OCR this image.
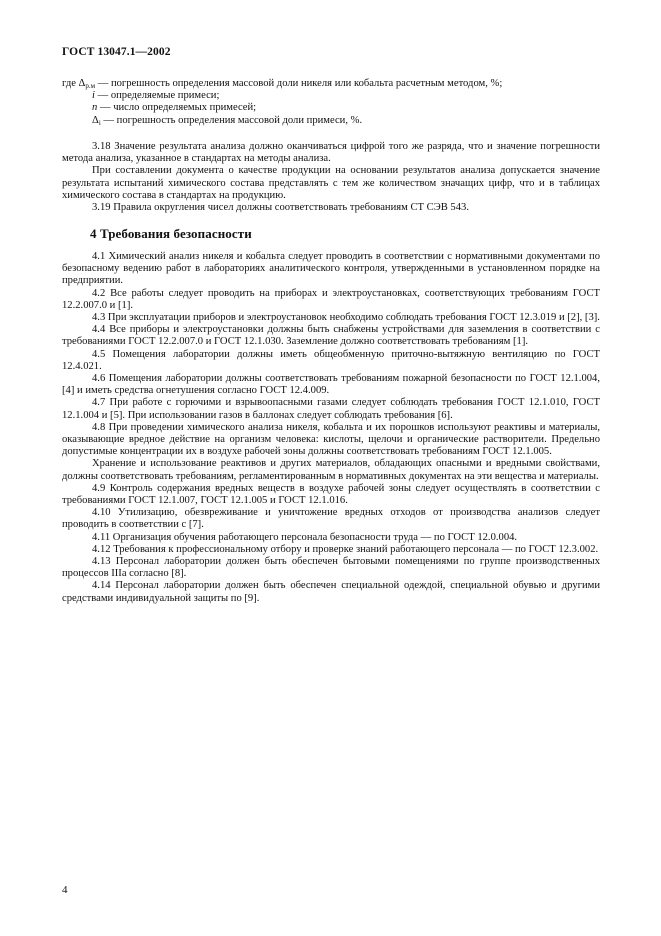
ГОСТ 13047.1—2002

где $\Delta_{р.м}$ — погрешность определения массовой доли никеля или кобальта расчетным методом, %;

i — определяемые примеси;

n — число определяемых примесей;

$\Delta_i$ — погрешность определения массовой доли примеси, %.

3.18 Значение результата анализа должно оканчиваться цифрой того же разряда, что и значение погрешности метода анализа, указанное в стандартах на методы анализа.

При составлении документа о качестве продукции на основании результатов анализа допускается значение результата испытаний химического состава представлять с тем же количеством значащих цифр, что и в таблицах химического состава в стандартах на продукцию.

3.19 Правила округления чисел должны соответствовать требованиям СТ СЭВ 543.

4 Требования безопасности

4.1 Химический анализ никеля и кобальта следует проводить в соответствии с нормативными документами по безопасному ведению работ в лабораториях аналитического контроля, утвержденными в установленном порядке на предприятии.

4.2 Все работы следует проводить на приборах и электроустановках, соответствующих требованиям ГОСТ 12.2.007.0 и [1].

4.3 При эксплуатации приборов и электроустановок необходимо соблюдать требования ГОСТ 12.3.019 и [2], [3].

4.4 Все приборы и электроустановки должны быть снабжены устройствами для заземления в соответствии с требованиями ГОСТ 12.2.007.0 и ГОСТ 12.1.030. Заземление должно соответствовать требованиям [1].

4.5 Помещения лаборатории должны иметь общеобменную приточно-вытяжную вентиляцию по ГОСТ 12.4.021.

4.6 Помещения лаборатории должны соответствовать требованиям пожарной безопасности по ГОСТ 12.1.004, [4] и иметь средства огнетушения согласно ГОСТ 12.4.009.

4.7 При работе с горючими и взрывоопасными газами следует соблюдать требования ГОСТ 12.1.010, ГОСТ 12.1.004 и [5]. При использовании газов в баллонах следует соблюдать требования [6].

4.8 При проведении химического анализа никеля, кобальта и их порошков используют реактивы и материалы, оказывающие вредное действие на организм человека: кислоты, щелочи и органические растворители. Предельно допустимые концентрации их в воздухе рабочей зоны должны соответствовать требованиям ГОСТ 12.1.005.

Хранение и использование реактивов и других материалов, обладающих опасными и вредными свойствами, должны соответствовать требованиям, регламентированным в нормативных документах на эти вещества и материалы.

4.9 Контроль содержания вредных веществ в воздухе рабочей зоны следует осуществлять в соответствии с требованиями ГОСТ 12.1.007, ГОСТ 12.1.005 и ГОСТ 12.1.016.

4.10 Утилизацию, обезвреживание и уничтожение вредных отходов от производства анализов следует проводить в соответствии с [7].

4.11 Организация обучения работающего персонала безопасности труда — по ГОСТ 12.0.004.

4.12 Требования к профессиональному отбору и проверке знаний работающего персонала — по ГОСТ 12.3.002.

4.13 Персонал лаборатории должен быть обеспечен бытовыми помещениями по группе производственных процессов IIIа согласно [8].

4.14 Персонал лаборатории должен быть обеспечен специальной одеждой, специальной обувью и другими средствами индивидуальной защиты по [9].

4
